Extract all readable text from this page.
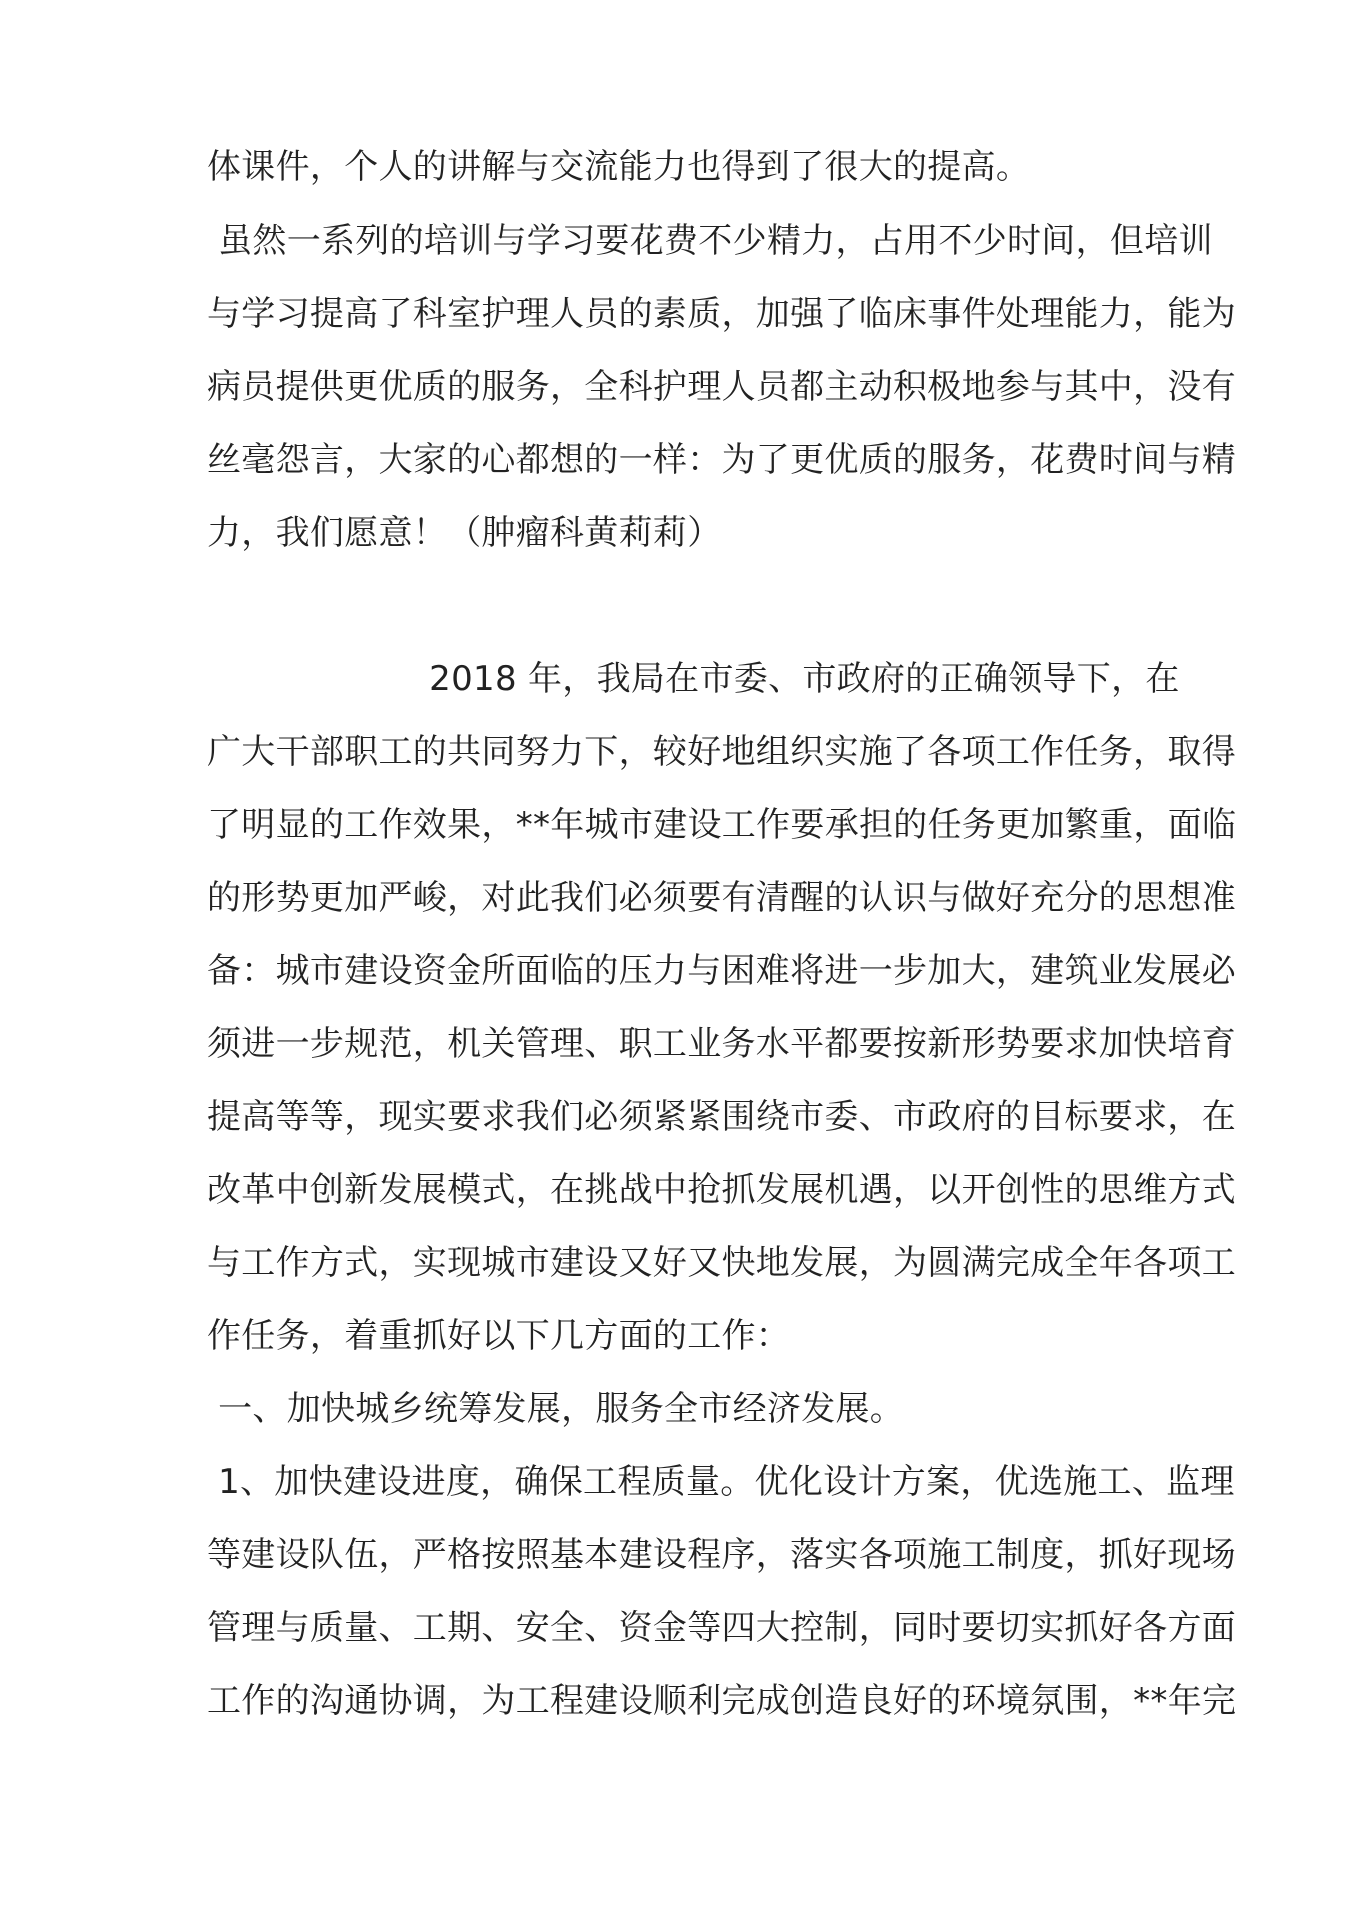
体课件，个人的讲解与交流能力也得到了很大的提高。
虽然一系列的培训与学习要花费不少精力，占用不少时间，但培训
与学习提高了科室护理人员的素质，加强了临床事件处理能力，能为
病员提供更优质的服务，全科护理人员都主动积极地参与其中，没有
丝毫怨言，大家的心都想的一样：为了更优质的服务，花费时间与精
力，我们愿意！（肿瘤科黄莉莉）
2018 年，我局在市委、市政府的正确领导下，在
广大干部职工的共同努力下，较好地组织实施了各项工作任务，取得
了明显的工作效果，**年城市建设工作要承担的任务更加繁重，面临
的形势更加严峻，对此我们必须要有清醒的认识与做好充分的思想准
备：城市建设资金所面临的压力与困难将进一步加大，建筑业发展必
须进一步规范，机关管理、职工业务水平都要按新形势要求加快培育
提高等等，现实要求我们必须紧紧围绕市委、市政府的目标要求，在
改革中创新发展模式，在挑战中抢抓发展机遇，以开创性的思维方式
与工作方式，实现城市建设又好又快地发展，为圆满完成全年各项工
作任务，着重抓好以下几方面的工作：
一、加快城乡统筹发展，服务全市经济发展。
1、加快建设进度，确保工程质量。优化设计方案，优选施工、监理
等建设队伍，严格按照基本建设程序，落实各项施工制度，抓好现场
管理与质量、工期、安全、资金等四大控制，同时要切实抓好各方面
工作的沟通协调，为工程建设顺利完成创造良好的环境氛围，**年完
